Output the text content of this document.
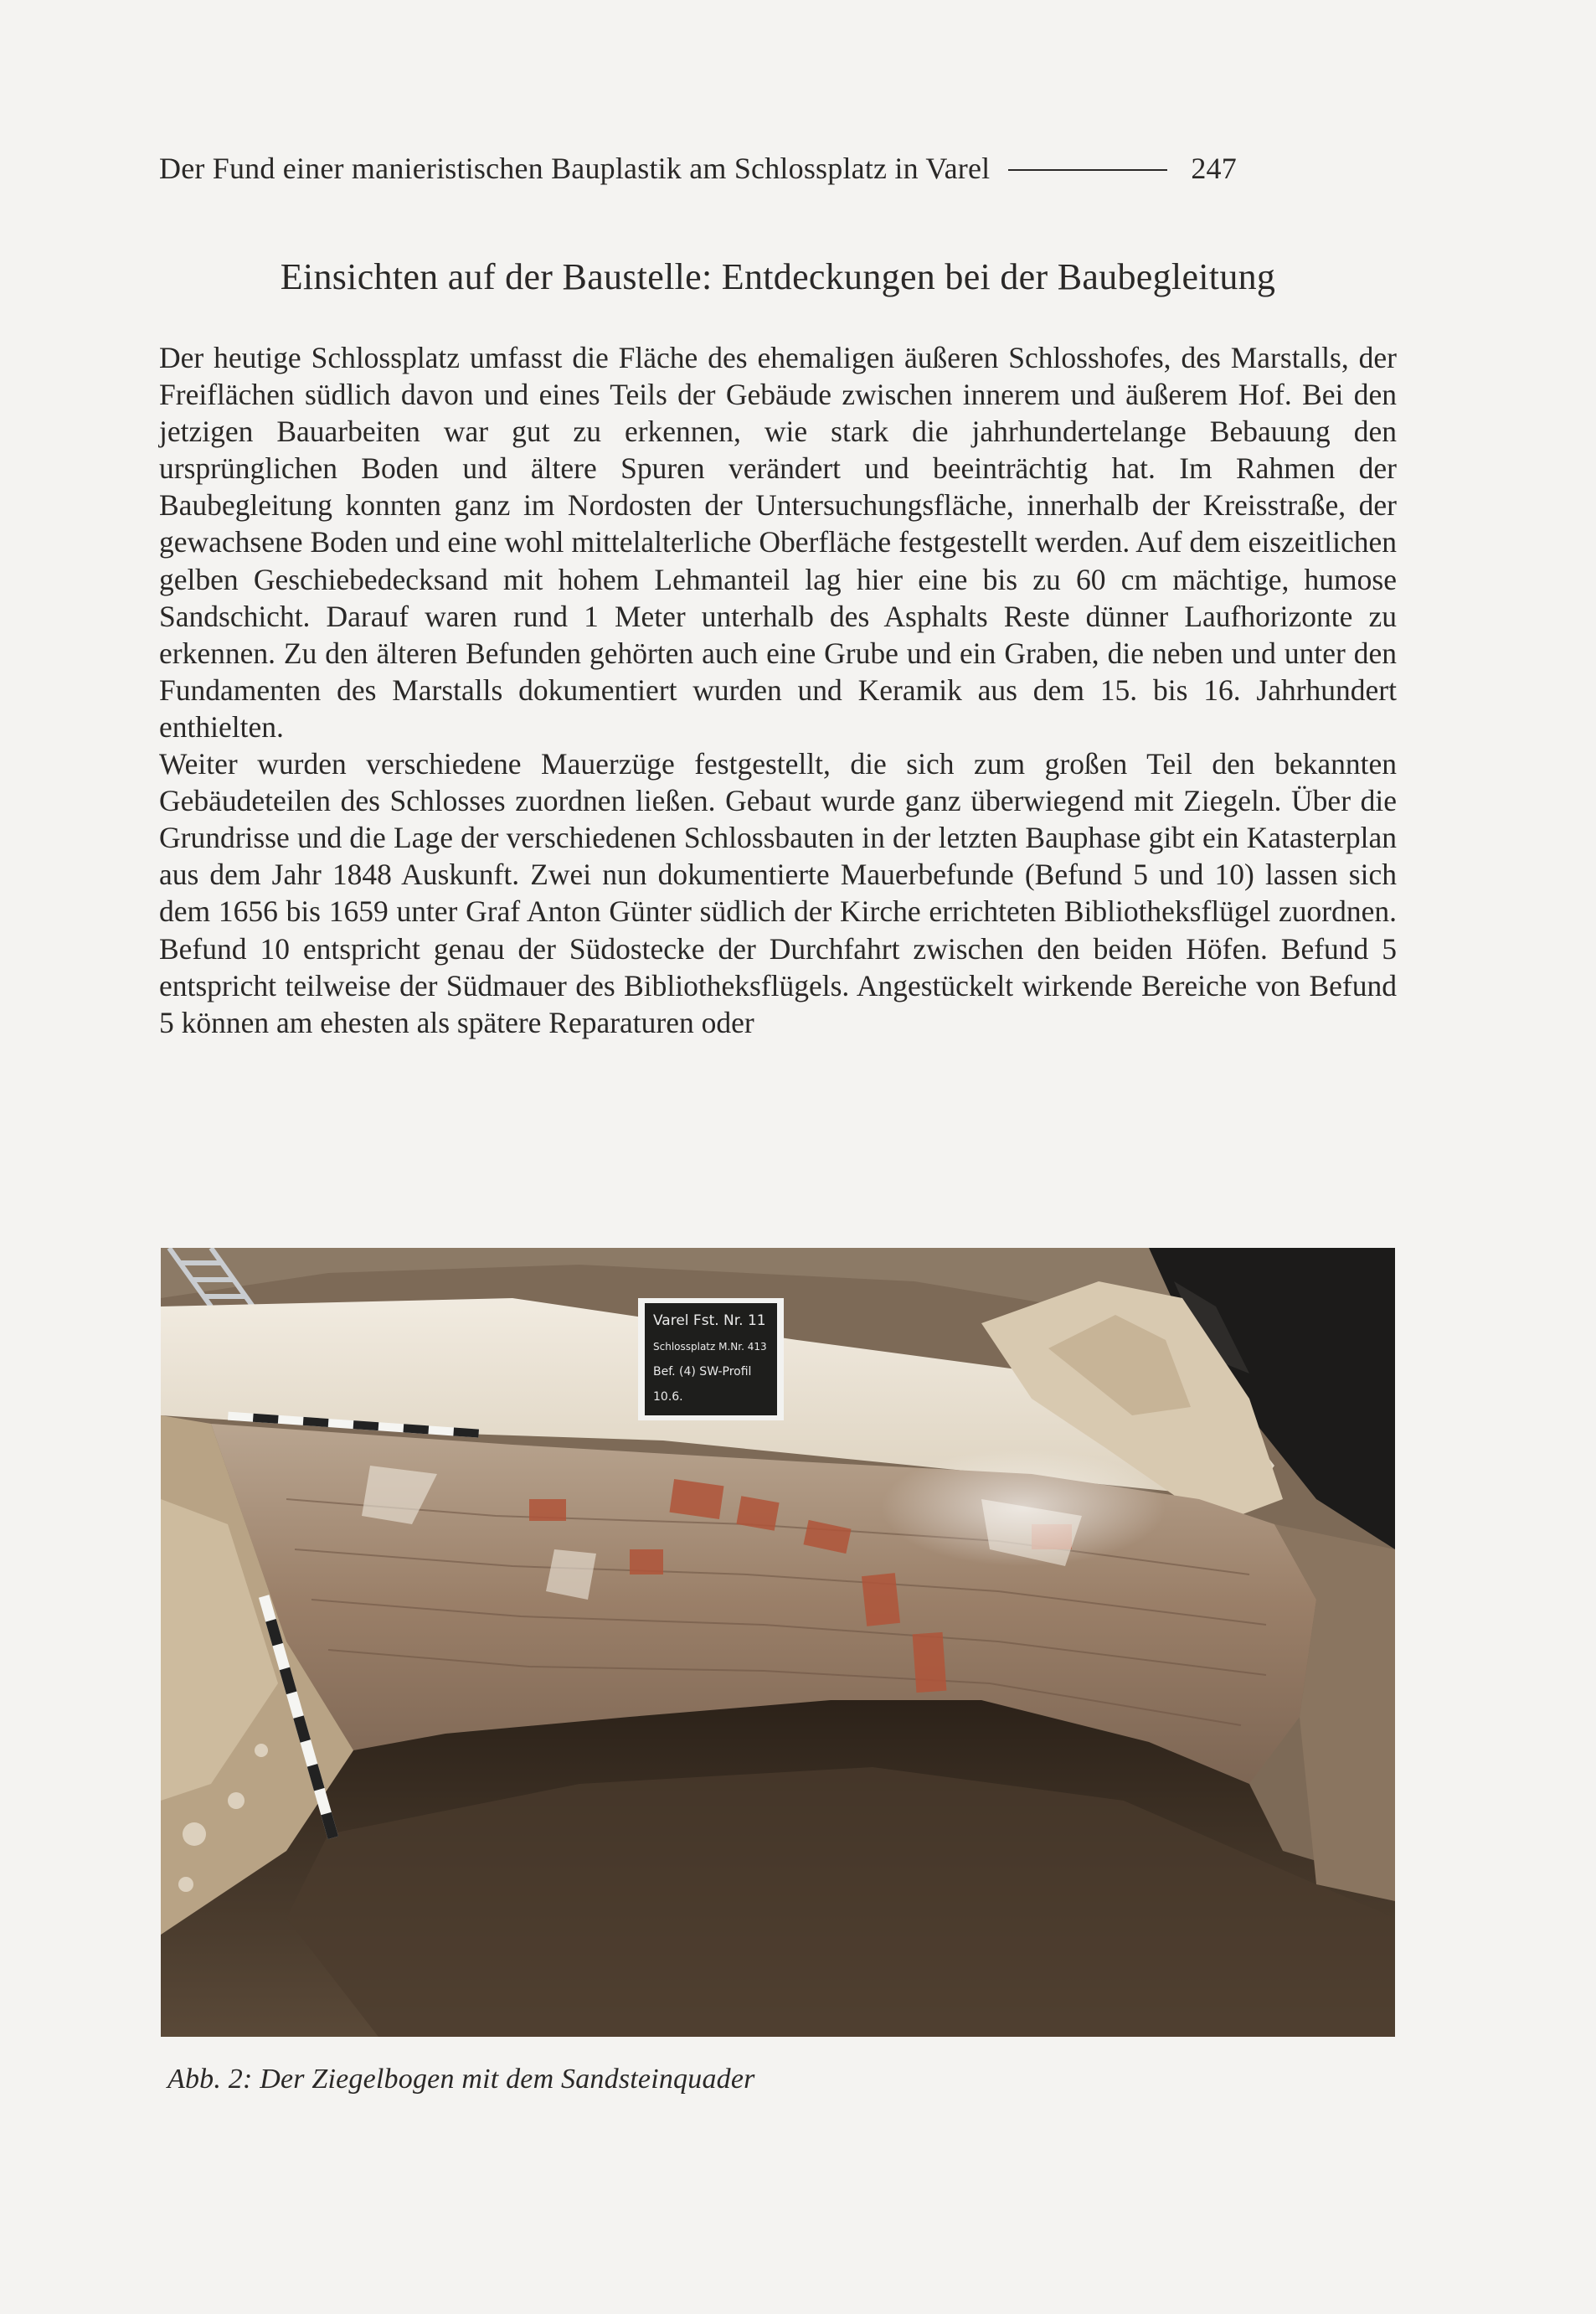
Der Fund einer manieristischen Bauplastik am Schlossplatz in Varel	247
Einsichten auf der Baustelle: Entdeckungen bei der Baubegleitung

Der heutige Schlossplatz umfasst die Fläche des ehemaligen äußeren Schlosshofes, des Marstalls, der Freiflächen südlich davon und eines Teils der Gebäude zwischen innerem und äußerem Hof. Bei den jetzigen Bauarbeiten war gut zu erkennen, wie stark die jahrhundertelange Bebauung den ursprünglichen Boden und ältere Spuren verändert und beeinträchtig hat. Im Rahmen der Baubegleitung konnten ganz im Nordosten der Untersuchungsfläche, innerhalb der Kreisstraße, der gewachsene Boden und eine wohl mittelalterliche Oberfläche festgestellt werden. Auf dem eiszeitlichen gelben Geschiebedecksand mit hohem Lehmanteil lag hier eine bis zu 60 cm mächtige, humose Sandschicht. Darauf waren rund 1 Meter unterhalb des Asphalts Reste dünner Laufhorizonte zu erkennen. Zu den älteren Befunden gehörten auch eine Grube und ein Graben, die neben und unter den Fundamenten des Marstalls dokumentiert wurden und Keramik aus dem 15. bis 16. Jahrhundert enthielten.

Weiter wurden verschiedene Mauerzüge festgestellt, die sich zum großen Teil den bekannten Gebäudeteilen des Schlosses zuordnen ließen. Gebaut wurde ganz überwiegend mit Ziegeln. Über die Grundrisse und die Lage der verschiedenen Schlossbauten in der letzten Bauphase gibt ein Katasterplan aus dem Jahr 1848 Auskunft. Zwei nun dokumentierte Mauerbefunde (Befund 5 und 10) lassen sich dem 1656 bis 1659 unter Graf Anton Günter südlich der Kirche errichteten Bibliotheksflügel zuordnen. Befund 10 entspricht genau der Südostecke der Durchfahrt zwischen den beiden Höfen. Befund 5 entspricht teilweise der Südmauer des Bibliotheksflügels. Angestückelt wirkende Bereiche von Befund 5 können am ehesten als spätere Reparaturen oder

Varel Fst. Nr. 11
Schlossplatz M.Nr. 413
Bef. (4) SW-Profil
10.6.
Abb. 2: Der Ziegelbogen mit dem Sandsteinquader
